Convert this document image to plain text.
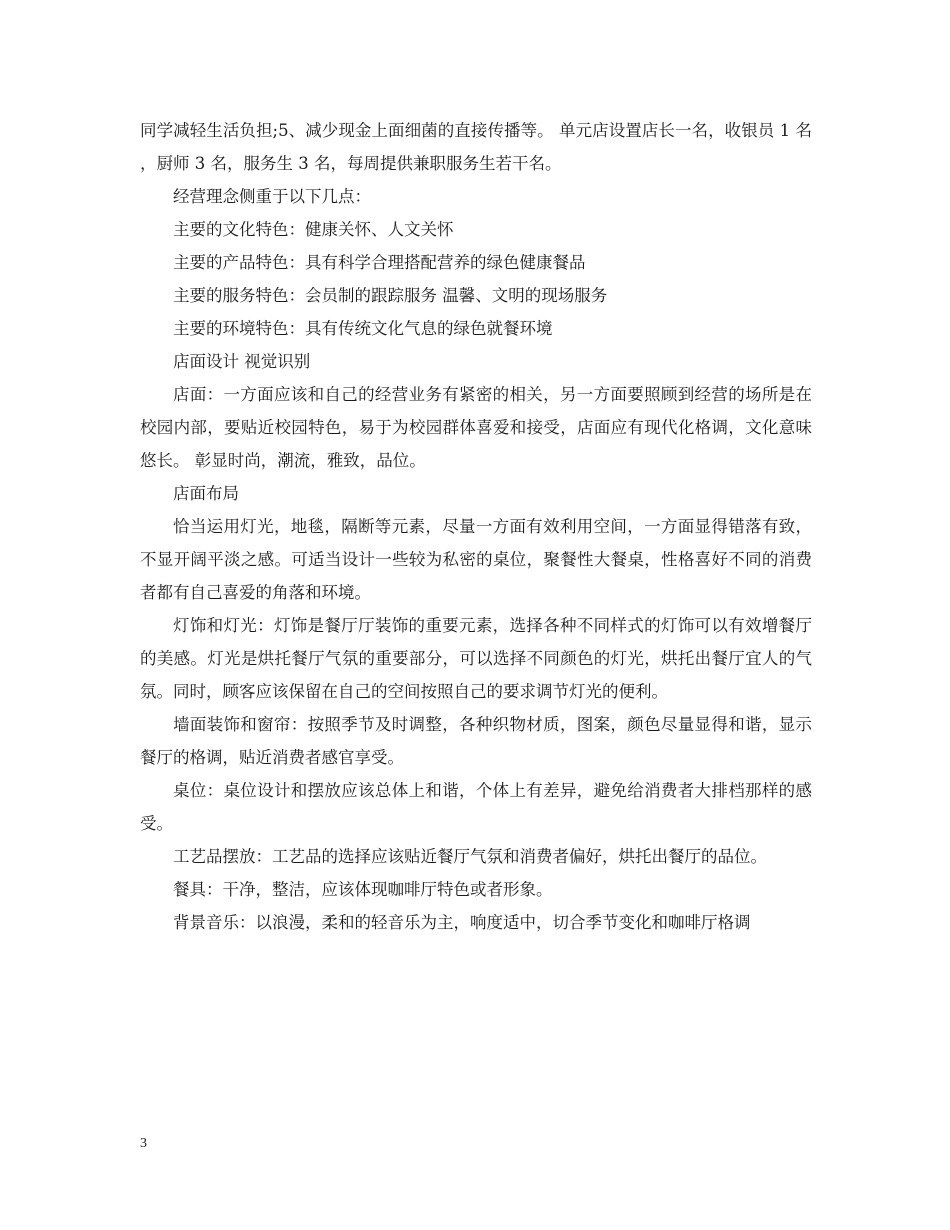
同学减轻生活负担;5、减少现金上面细菌的直接传播等。 单元店设置店长一名，收银员 1 名 ，厨师 3 名，服务生 3 名，每周提供兼职服务生若干名。

经营理念侧重于以下几点：

主要的文化特色：健康关怀、人文关怀

主要的产品特色：具有科学合理搭配营养的绿色健康餐品

主要的服务特色：会员制的跟踪服务 温馨、文明的现场服务

主要的环境特色：具有传统文化气息的绿色就餐环境

店面设计 视觉识别

店面：一方面应该和自己的经营业务有紧密的相关，另一方面要照顾到经营的场所是在校园内部，要贴近校园特色，易于为校园群体喜爱和接受，店面应有现代化格调，文化意味悠长。 彰显时尚，潮流，雅致，品位。

店面布局

恰当运用灯光，地毯，隔断等元素，尽量一方面有效利用空间，一方面显得错落有致，不显开阔平淡之感。可适当设计一些较为私密的桌位，聚餐性大餐桌，性格喜好不同的消费者都有自己喜爱的角落和环境。

灯饰和灯光：灯饰是餐厅厅装饰的重要元素，选择各种不同样式的灯饰可以有效增餐厅的美感。灯光是烘托餐厅气氛的重要部分，可以选择不同颜色的灯光，烘托出餐厅宜人的气氛。同时，顾客应该保留在自己的空间按照自己的要求调节灯光的便利。

墙面装饰和窗帘：按照季节及时调整，各种织物材质，图案，颜色尽量显得和谐，显示餐厅的格调，贴近消费者感官享受。

桌位：桌位设计和摆放应该总体上和谐，个体上有差异，避免给消费者大排档那样的感受。

工艺品摆放：工艺品的选择应该贴近餐厅气氛和消费者偏好，烘托出餐厅的品位。

餐具：干净，整洁，应该体现咖啡厅特色或者形象。

背景音乐：以浪漫，柔和的轻音乐为主，响度适中，切合季节变化和咖啡厅格调

3
